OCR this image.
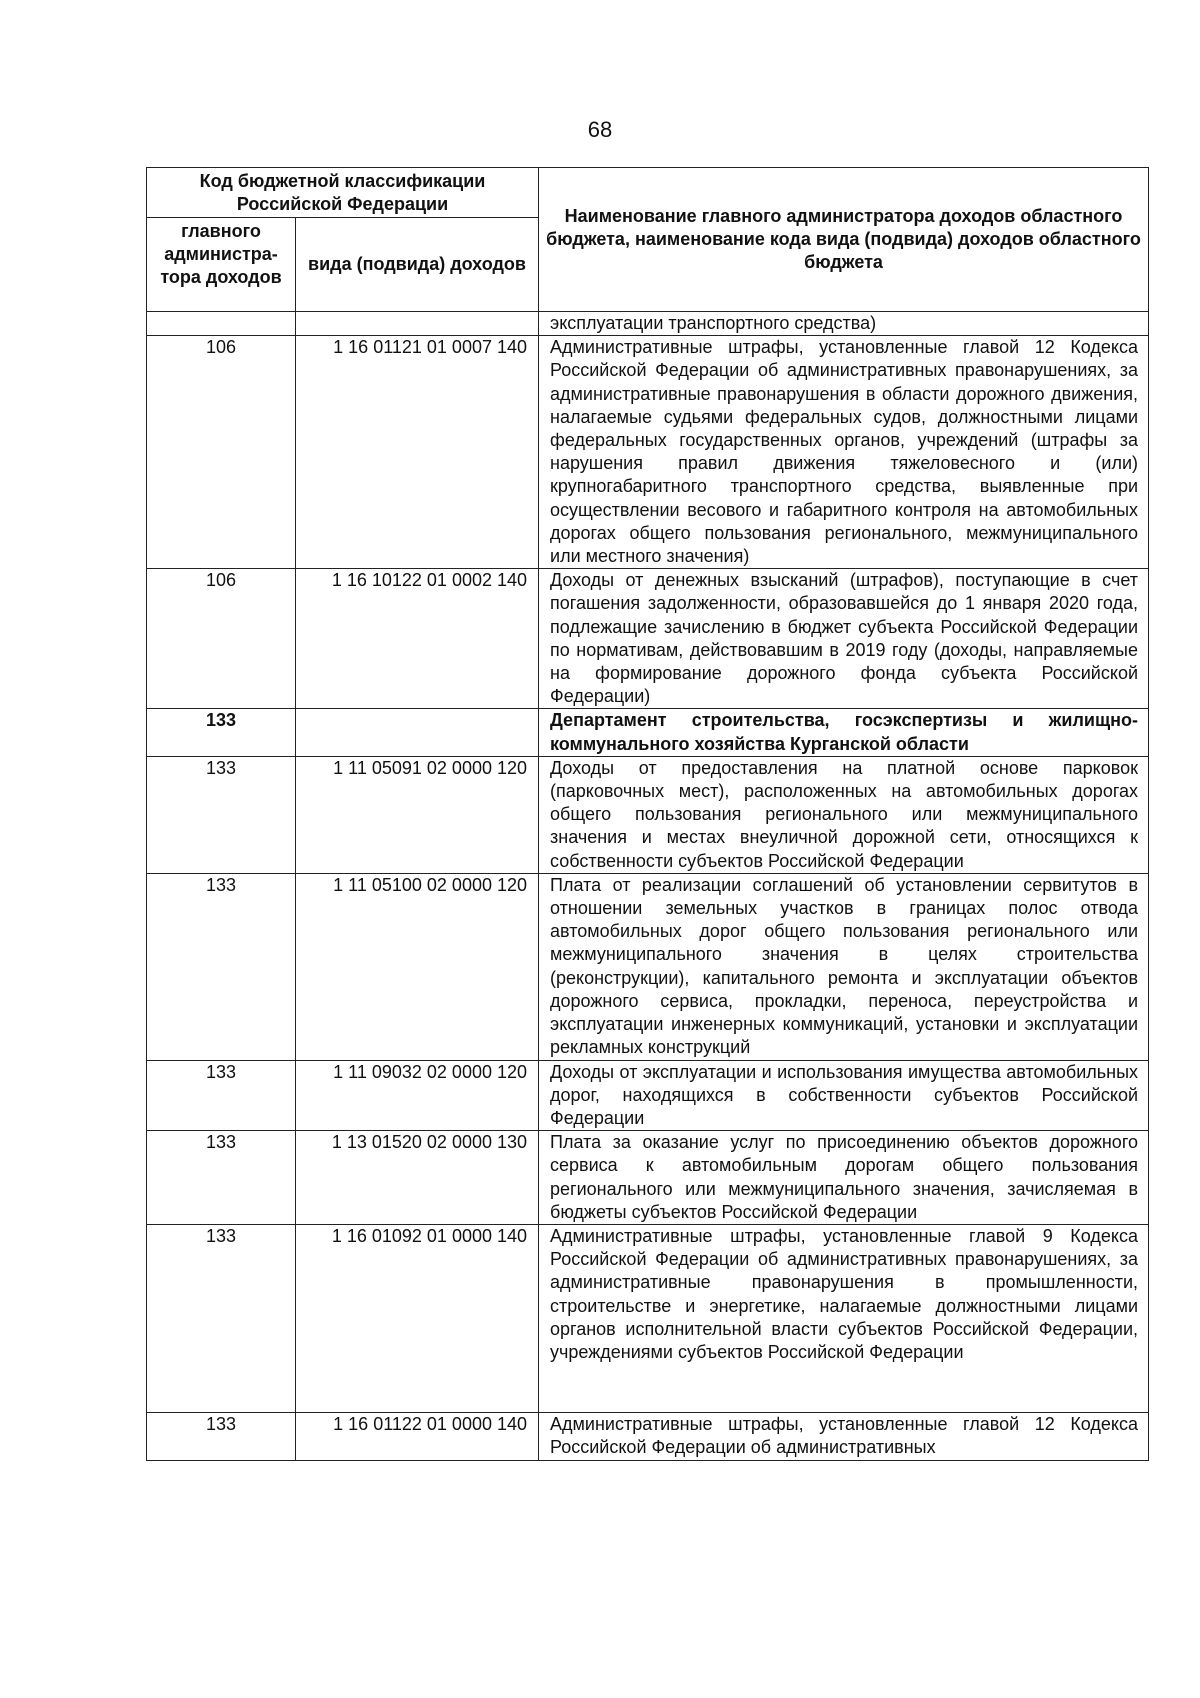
68
Код бюджетной классификации Российской Федерации		Наименование главного администратора доходов областного бюджета, наименование кода вида (подвида) доходов областного бюджета
главного администра-тора доходов	вида (подвида) доходов	
		эксплуатации транспортного средства)
106	1 16 01121 01 0007 140	Административные штрафы, установленные главой 12 Кодекса Российской Федерации об административных правонарушениях, за административные правонарушения в области дорожного движения, налагаемые судьями федеральных судов, должностными лицами федеральных государственных органов, учреждений (штрафы за нарушения правил движения тяжеловесного и (или) крупногабаритного транспортного средства, выявленные при осуществлении весового и габаритного контроля на автомобильных дорогах общего пользования регионального, межмуниципального или местного значения)
106	1 16 10122 01 0002 140	Доходы от денежных взысканий (штрафов), поступающие в счет погашения задолженности, образовавшейся до 1 января 2020 года, подлежащие зачислению в бюджет субъекта Российской Федерации по нормативам, действовавшим в 2019 году (доходы, направляемые на формирование дорожного фонда субъекта Российской Федерации)
133		Департамент строительства, госэкспертизы и жилищно-коммунального хозяйства Курганской области
133	1 11 05091 02 0000 120	Доходы от предоставления на платной основе парковок (парковочных мест), расположенных на автомобильных дорогах общего пользования регионального или межмуниципального значения и местах внеуличной дорожной сети, относящихся к собственности субъектов Российской Федерации
133	1 11 05100 02 0000 120	Плата от реализации соглашений об установлении сервитутов в отношении земельных участков в границах полос отвода автомобильных дорог общего пользования регионального или межмуниципального значения в целях строительства (реконструкции), капитального ремонта и эксплуатации объектов дорожного сервиса, прокладки, переноса, переустройства и эксплуатации инженерных коммуникаций, установки и эксплуатации рекламных конструкций
133	1 11 09032 02 0000 120	Доходы от эксплуатации и использования имущества автомобильных дорог, находящихся в собственности субъектов Российской Федерации
133	1 13 01520 02 0000 130	Плата за оказание услуг по присоединению объектов дорожного сервиса к автомобильным дорогам общего пользования регионального или межмуниципального значения, зачисляемая в бюджеты субъектов Российской Федерации
133	1 16 01092 01 0000 140	Административные штрафы, установленные главой 9 Кодекса Российской Федерации об административных правонарушениях, за административные правонарушения в промышленности, строительстве и энергетике, налагаемые должностными лицами органов исполнительной власти субъектов Российской Федерации, учреждениями субъектов Российской Федерации
133	1 16 01122 01 0000 140	Административные штрафы, установленные главой 12 Кодекса Российской Федерации об административных
